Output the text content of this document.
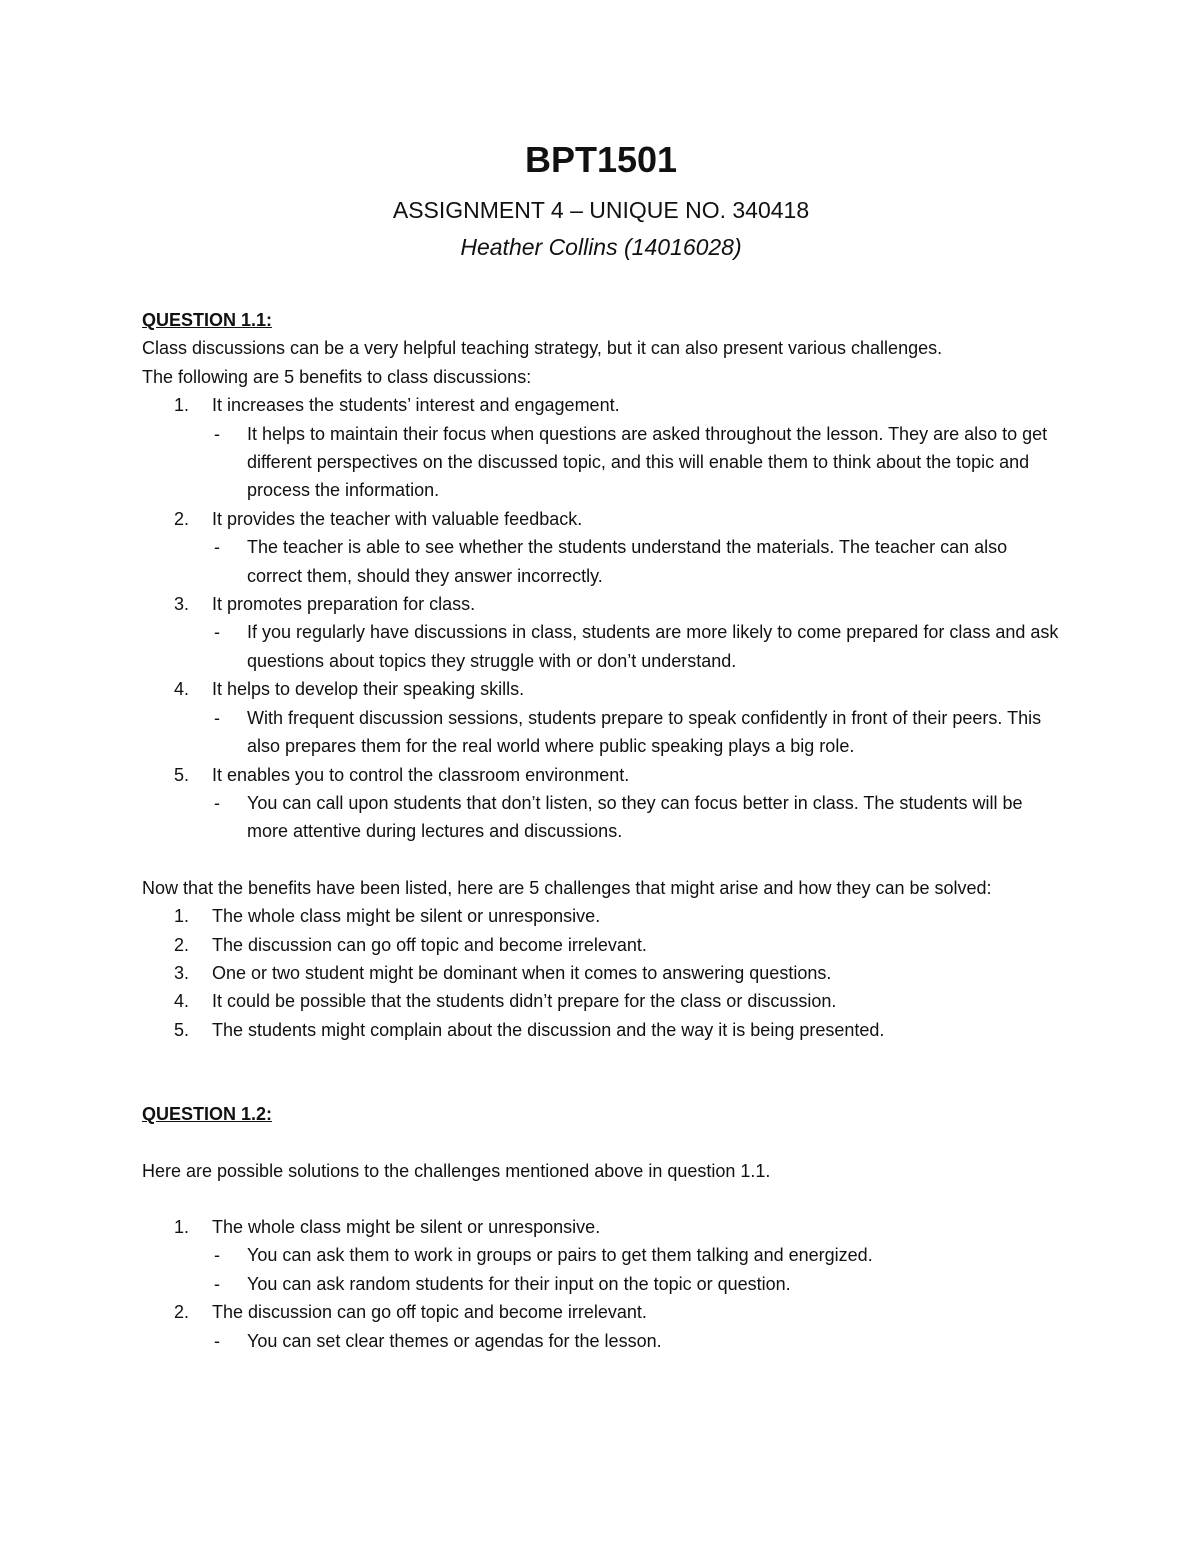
BPT1501
ASSIGNMENT 4 – UNIQUE NO. 340418
Heather Collins (14016028)

QUESTION 1.1:

Class discussions can be a very helpful teaching strategy, but it can also present various challenges.

The following are 5 benefits to class discussions:

1. It increases the students’ interest and engagement.
- It helps to maintain their focus when questions are asked throughout the lesson. They are also to get different perspectives on the discussed topic, and this will enable them to think about the topic and process the information.
2. It provides the teacher with valuable feedback.
- The teacher is able to see whether the students understand the materials. The teacher can also correct them, should they answer incorrectly.
3. It promotes preparation for class.
- If you regularly have discussions in class, students are more likely to come prepared for class and ask questions about topics they struggle with or don’t understand.
4. It helps to develop their speaking skills.
- With frequent discussion sessions, students prepare to speak confidently in front of their peers. This also prepares them for the real world where public speaking plays a big role.
5. It enables you to control the classroom environment.
- You can call upon students that don’t listen, so they can focus better in class. The students will be more attentive during lectures and discussions.

Now that the benefits have been listed, here are 5 challenges that might arise and how they can be solved:

1. The whole class might be silent or unresponsive.
2. The discussion can go off topic and become irrelevant.
3. One or two student might be dominant when it comes to answering questions.
4. It could be possible that the students didn’t prepare for the class or discussion.
5. The students might complain about the discussion and the way it is being presented.

QUESTION 1.2:

Here are possible solutions to the challenges mentioned above in question 1.1.

1. The whole class might be silent or unresponsive.
- You can ask them to work in groups or pairs to get them talking and energized.
- You can ask random students for their input on the topic or question.
2. The discussion can go off topic and become irrelevant.
- You can set clear themes or agendas for the lesson.
